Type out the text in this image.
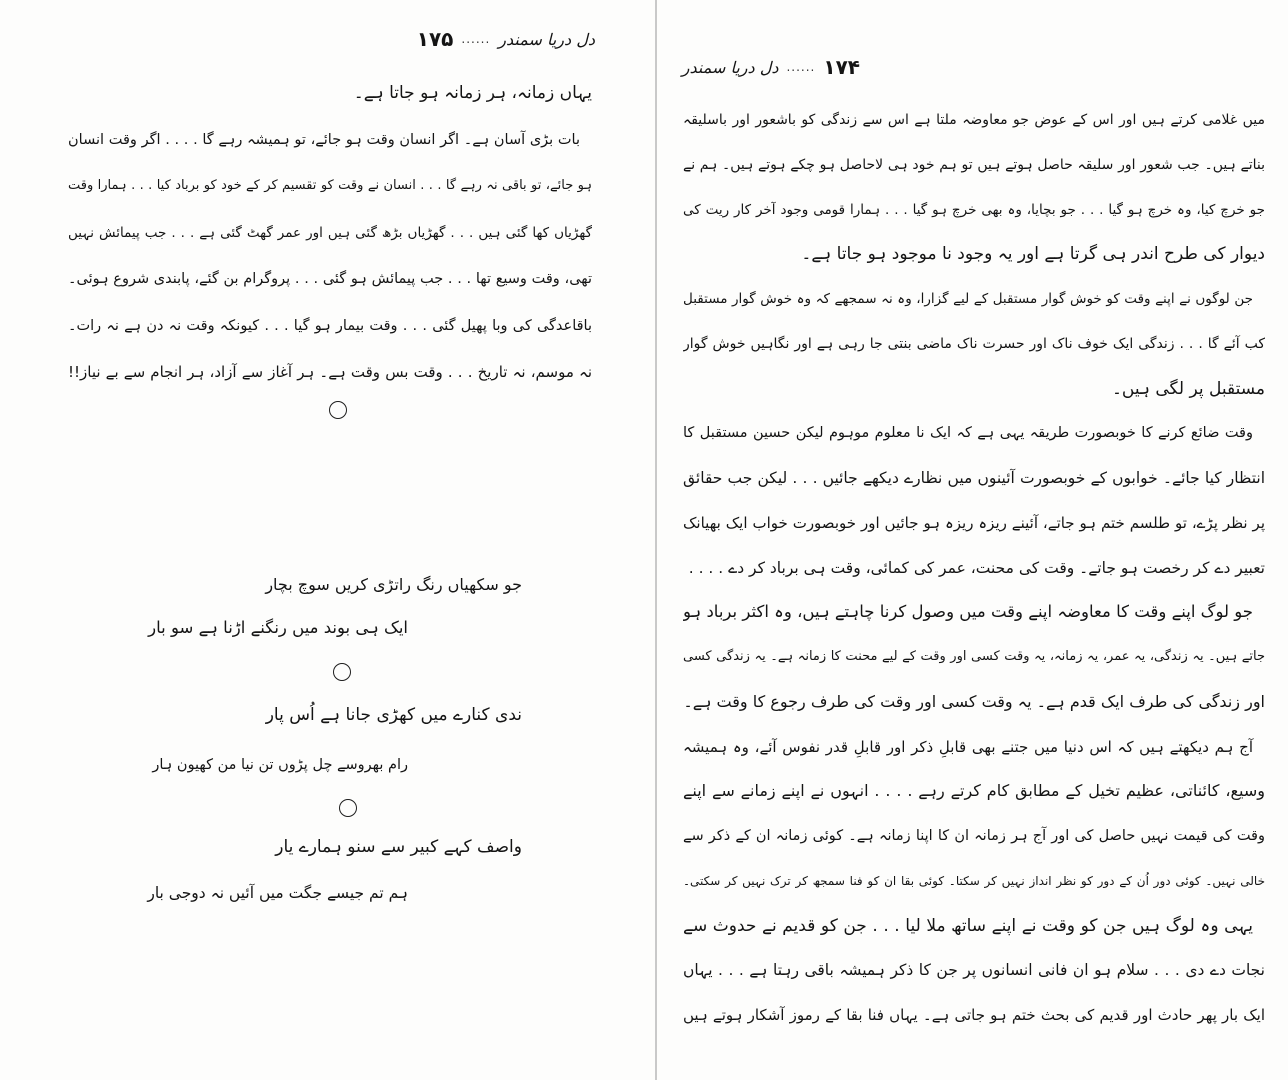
دل دریا سمندر
......
۱۷۵
یہاں زمانہ، ہر زمانہ ہو جاتا ہے۔
بات بڑی آسان ہے۔ اگر انسان وقت ہو جائے، تو ہمیشہ رہے گا . . . . اگر وقت انسان
ہو جائے، تو باقی نہ رہے گا . . . انسان نے وقت کو تقسیم کر کے خود کو برباد کیا . . . ہمارا وقت
گھڑیاں کھا گئی ہیں . . . گھڑیاں بڑھ گئی ہیں اور عمر گھٹ گئی ہے . . . جب پیمائش نہیں
تھی، وقت وسیع تھا . . . جب پیمائش ہو گئی . . . پروگرام بن گئے، پابندی شروع ہوئی۔
باقاعدگی کی وبا پھیل گئی . . . وقت بیمار ہو گیا . . . کیونکہ وقت نہ دن ہے نہ رات۔
نہ موسم، نہ تاریخ . . . وقت بس وقت ہے۔ ہر آغاز سے آزاد، ہر انجام سے بے نیاز!!
جو سکھیاں رنگ راتڑی کریں سوچ بچار
ایک ہی بوند میں رنگنے اڑنا ہے سو بار
ندی کنارے میں کھڑی جانا ہے اُس پار
رام بھروسے چل پڑوں تن نیا من کھیون ہار
واصف کہے کبیر سے سنو ہمارے یار
ہم تم جیسے جگت میں آئیں نہ دوجی بار
۱۷۴
......
دل دریا سمندر
میں غلامی کرتے ہیں اور اس کے عوض جو معاوضہ ملتا ہے اس سے زندگی کو باشعور اور باسلیقہ
بناتے ہیں۔ جب شعور اور سلیقہ حاصل ہوتے ہیں تو ہم خود ہی لاحاصل ہو چکے ہوتے ہیں۔ ہم نے
جو خرچ کیا، وہ خرچ ہو گیا . . . جو بچایا، وہ بھی خرچ ہو گیا . . . ہمارا قومی وجود آخر کار ریت کی
دیوار کی طرح اندر ہی گرتا ہے اور یہ وجود نا موجود ہو جاتا ہے۔
جن لوگوں نے اپنے وقت کو خوش گوار مستقبل کے لیے گزارا، وہ نہ سمجھے کہ وہ خوش گوار مستقبل
کب آئے گا . . . زندگی ایک خوف ناک اور حسرت ناک ماضی بنتی جا رہی ہے اور نگاہیں خوش گوار
مستقبل پر لگی ہیں۔
وقت ضائع کرنے کا خوبصورت طریقہ یہی ہے کہ ایک نا معلوم موہوم لیکن حسین مستقبل کا
انتظار کیا جائے۔ خوابوں کے خوبصورت آئینوں میں نظارے دیکھے جائیں . . . لیکن جب حقائق
پر نظر پڑے، تو طلسم ختم ہو جاتے، آئینے ریزہ ریزہ ہو جائیں اور خوبصورت خواب ایک بھیانک
تعبیر دے کر رخصت ہو جاتے۔ وقت کی محنت، عمر کی کمائی، وقت ہی برباد کر دے . . . .
جو لوگ اپنے وقت کا معاوضہ اپنے وقت میں وصول کرنا چاہتے ہیں، وہ اکثر برباد ہو
جاتے ہیں۔ یہ زندگی، یہ عمر، یہ زمانہ، یہ وقت کسی اور وقت کے لیے محنت کا زمانہ ہے۔ یہ زندگی کسی
اور زندگی کی طرف ایک قدم ہے۔ یہ وقت کسی اور وقت کی طرف رجوع کا وقت ہے۔
آج ہم دیکھتے ہیں کہ اس دنیا میں جتنے بھی قابلِ ذکر اور قابلِ قدر نفوس آئے، وہ ہمیشہ
وسیع، کائناتی، عظیم تخیل کے مطابق کام کرتے رہے . . . . انہوں نے اپنے زمانے سے اپنے
وقت کی قیمت نہیں حاصل کی اور آج ہر زمانہ ان کا اپنا زمانہ ہے۔ کوئی زمانہ ان کے ذکر سے
خالی نہیں۔ کوئی دور اُن کے دور کو نظر انداز نہیں کر سکتا۔ کوئی بقا ان کو فنا سمجھ کر ترک نہیں کر سکتی۔
یہی وہ لوگ ہیں جن کو وقت نے اپنے ساتھ ملا لیا . . . جن کو قدیم نے حدوث سے
نجات دے دی . . . سلام ہو ان فانی انسانوں پر جن کا ذکر ہمیشہ باقی رہتا ہے . . . یہاں
ایک بار پھر حادث اور قدیم کی بحث ختم ہو جاتی ہے۔ یہاں فنا بقا کے رموز آشکار ہوتے ہیں
